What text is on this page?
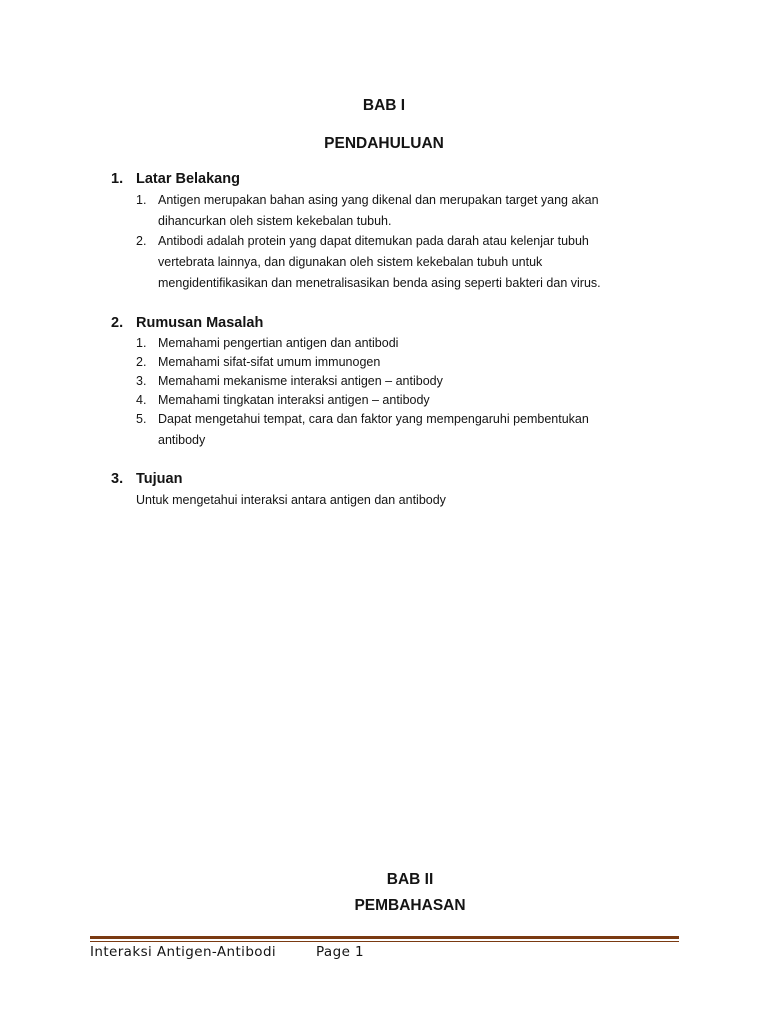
BAB I
PENDAHULUAN
1. Latar Belakang
1. Antigen merupakan bahan asing yang dikenal dan merupakan target yang akan
dihancurkan oleh sistem kekebalan tubuh.
2. Antibodi adalah protein yang dapat ditemukan pada darah atau kelenjar tubuh
vertebrata lainnya, dan digunakan oleh sistem kekebalan tubuh untuk
mengidentifikasikan dan menetralisasikan benda asing seperti bakteri dan virus.
2. Rumusan Masalah
1. Memahami pengertian antigen dan antibodi
2. Memahami sifat-sifat umum immunogen
3. Memahami mekanisme interaksi antigen – antibody
4. Memahami tingkatan interaksi antigen – antibody
5. Dapat mengetahui tempat, cara dan faktor yang mempengaruhi pembentukan
antibody
3. Tujuan
Untuk mengetahui interaksi antara antigen dan antibody
BAB II
PEMBAHASAN
Interaksi Antigen-Antibodi	Page 1
